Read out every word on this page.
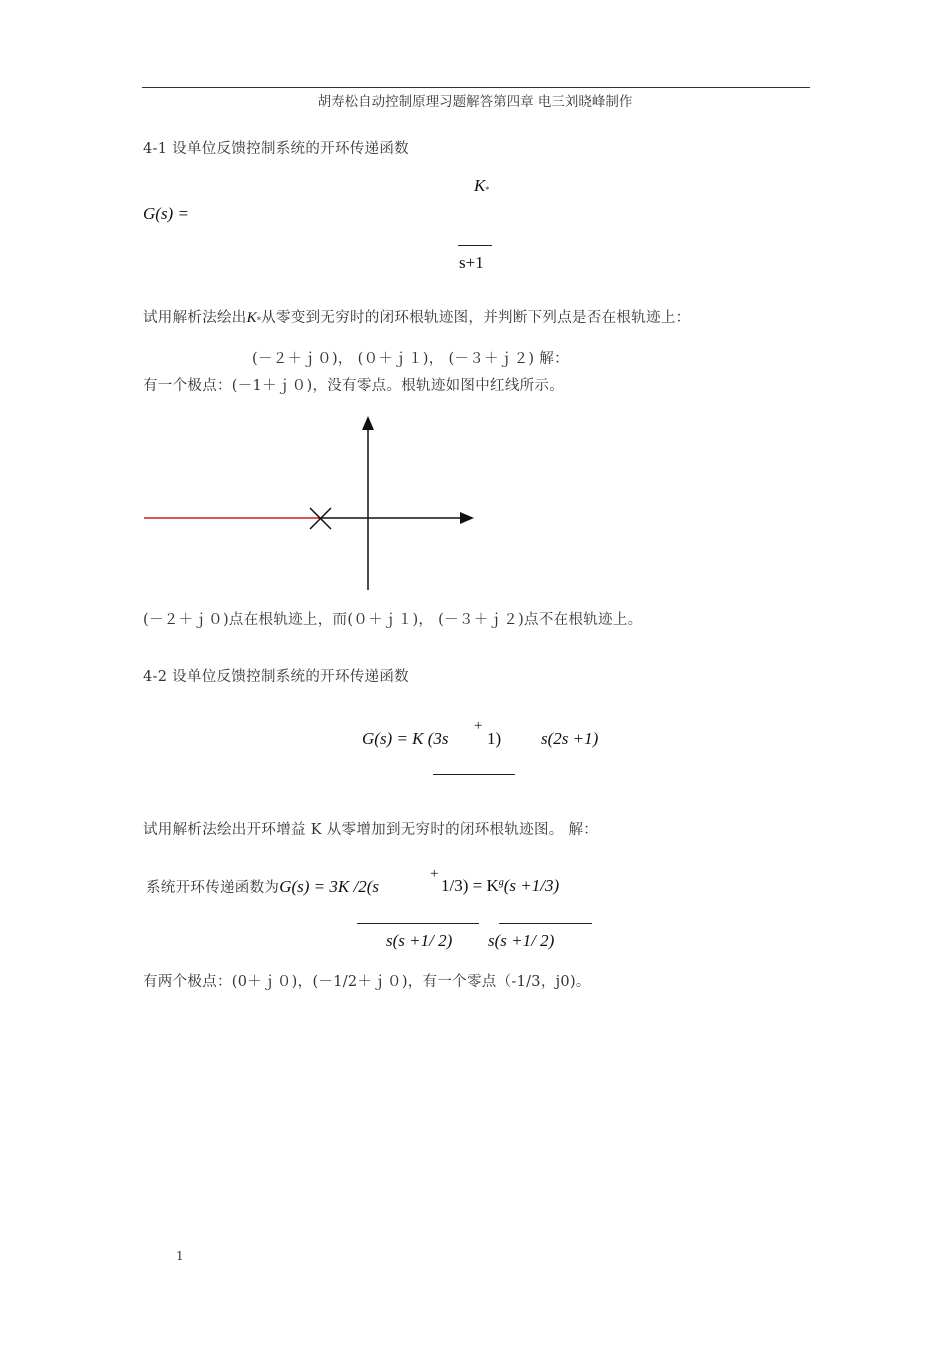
胡寿松自动控制原理习题解答第四章 电三刘晓峰制作
4-1 设单位反馈控制系统的开环传递函数
K*
G(s) =
s+1
试用解析法绘出K*从零变到无穷时的闭环根轨迹图，并判断下列点是否在根轨迹上：
(－２＋ｊ０)， (０＋ｊ１)， (－３＋ｊ２) 解：
有一个极点：(－1＋ｊ０)，没有零点。根轨迹如图中红线所示。
(－２＋ｊ０)点在根轨迹上，而(０＋ｊ１)， (－３＋ｊ２)点不在根轨迹上。
4-2 设单位反馈控制系统的开环传递函数
G(s) = K (3s
+
1) s(2s +1)
试用解析法绘出开环增益 K 从零增加到无穷时的闭环根轨迹图。 解：
系统开环传递函数为G(s) = 3K /2(s
+
$1/3) = K^g(s +1/3)$
s(s +1/ 2) s(s +1/ 2)
有两个极点：(0＋ｊ０)，(－1/2＋ｊ０)，有一个零点（-1/3，j0)。
1
